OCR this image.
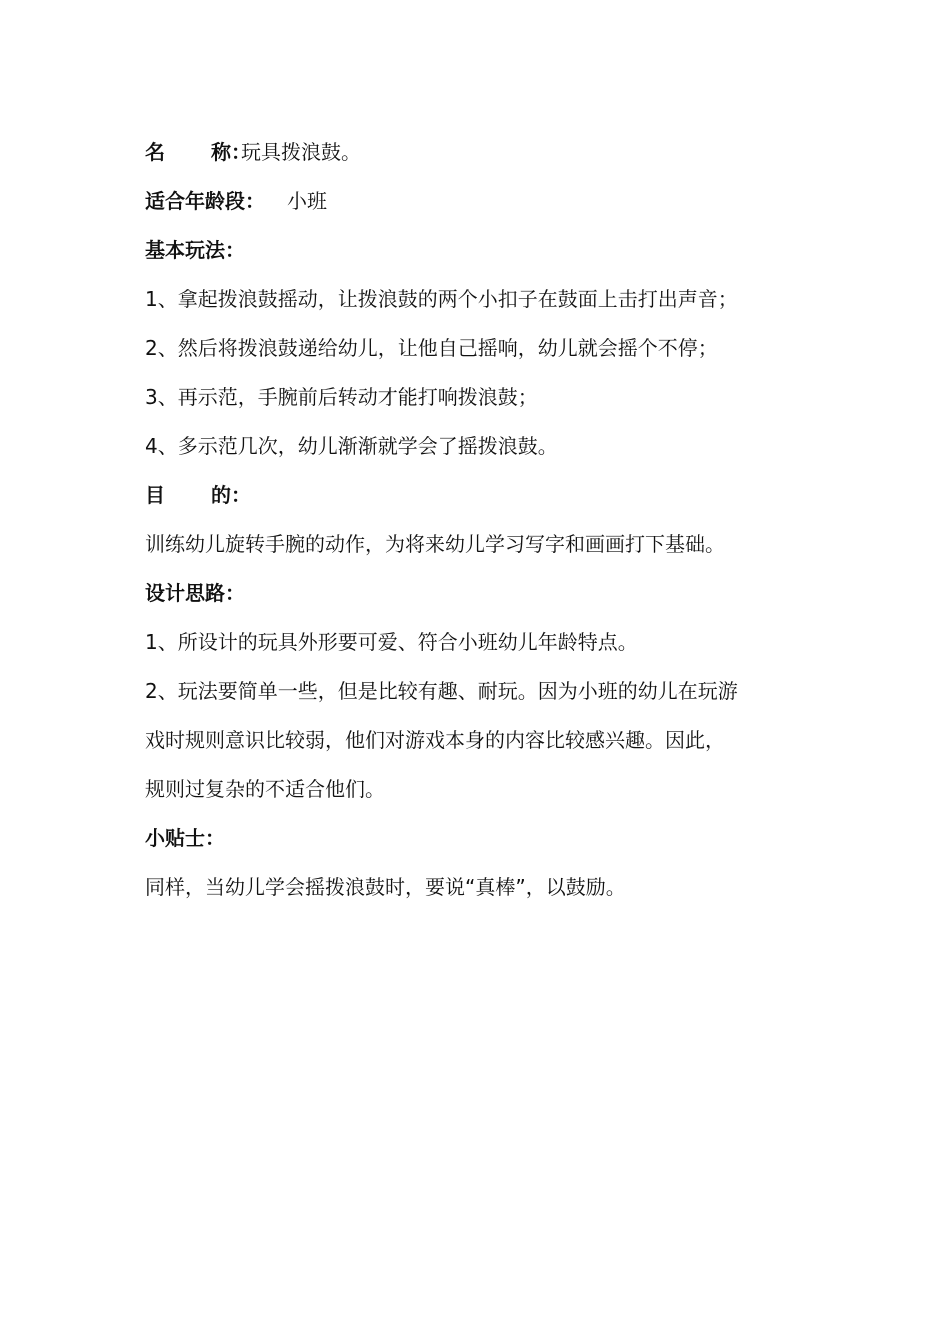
名 称：玩具拨浪鼓。
适合年龄段： 小班
基本玩法：
1、拿起拨浪鼓摇动，让拨浪鼓的两个小扣子在鼓面上击打出声音；
2、然后将拨浪鼓递给幼儿，让他自己摇响，幼儿就会摇个不停；
3、再示范，手腕前后转动才能打响拨浪鼓；
4、多示范几次，幼儿渐渐就学会了摇拨浪鼓。
目 的：
训练幼儿旋转手腕的动作，为将来幼儿学习写字和画画打下基础。
设计思路：
1、所设计的玩具外形要可爱、符合小班幼儿年龄特点。
2、玩法要简单一些，但是比较有趣、耐玩。因为小班的幼儿在玩游
戏时规则意识比较弱，他们对游戏本身的内容比较感兴趣。因此，
规则过复杂的不适合他们。
小贴士：
同样，当幼儿学会摇拨浪鼓时，要说“真棒”，以鼓励。
